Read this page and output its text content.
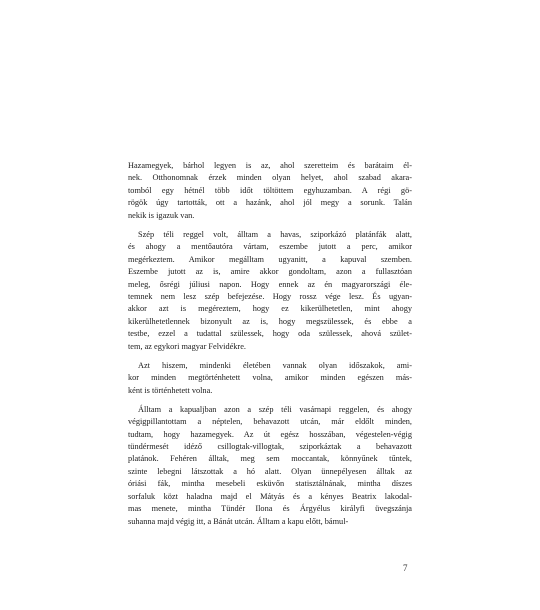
Hazamegyek, bárhol legyen is az, ahol szeretteim és barátaim él-
nek. Otthonomnak érzek minden olyan helyet, ahol szabad akara-
tomból egy hétnél több időt töltöttem egyhuzamban. A régi gö-
rögök úgy tartották, ott a hazánk, ahol jól megy a sorunk. Talán
nekik is igazuk van.
Szép téli reggel volt, álltam a havas, sziporkázó platánfák alatt,
és ahogy a mentőautóra vártam, eszembe jutott a perc, amikor
megérkeztem. Amikor megálltam ugyanitt, a kapuval szemben.
Eszembe jutott az is, amire akkor gondoltam, azon a fullasztóan
meleg, ősrégi júliusi napon. Hogy ennek az én magyarországi éle-
temnek nem lesz szép befejezése. Hogy rossz vége lesz. És ugyan-
akkor azt is megéreztem, hogy ez kikerülhetetlen, mint ahogy
kikerülhetetlennek bizonyult az is, hogy megszülessek, és ebbe a
testbe, ezzel a tudattal szülessek, hogy oda szülessek, ahová szület-
tem, az egykori magyar Felvidékre.
Azt hiszem, mindenki életében vannak olyan időszakok, ami-
kor minden megtörténhetett volna, amikor minden egészen más-
ként is történhetett volna.
Álltam a kapualjban azon a szép téli vasárnapi reggelen, és ahogy
végigpillantottam a néptelen, behavazott utcán, már eldőlt minden,
tudtam, hogy hazamegyek. Az út egész hosszában, végestelen-végig
tündérmesét idéző csillogtak-villogtak, sziporkáztak a behavazott
platánok. Fehéren álltak, meg sem moccantak, könnyűnek tűntek,
szinte lebegni látszottak a hó alatt. Olyan ünnepélyesen álltak az
óriási fák, mintha mesebeli esküvőn statisztálnának, mintha díszes
sorfaluk közt haladna majd el Mátyás és a kényes Beatrix lakodal-
mas menete, mintha Tündér Ilona és Árgyélus királyfi üvegszánja
suhanna majd végig itt, a Bánát utcán. Álltam a kapu előtt, bámul-
7
